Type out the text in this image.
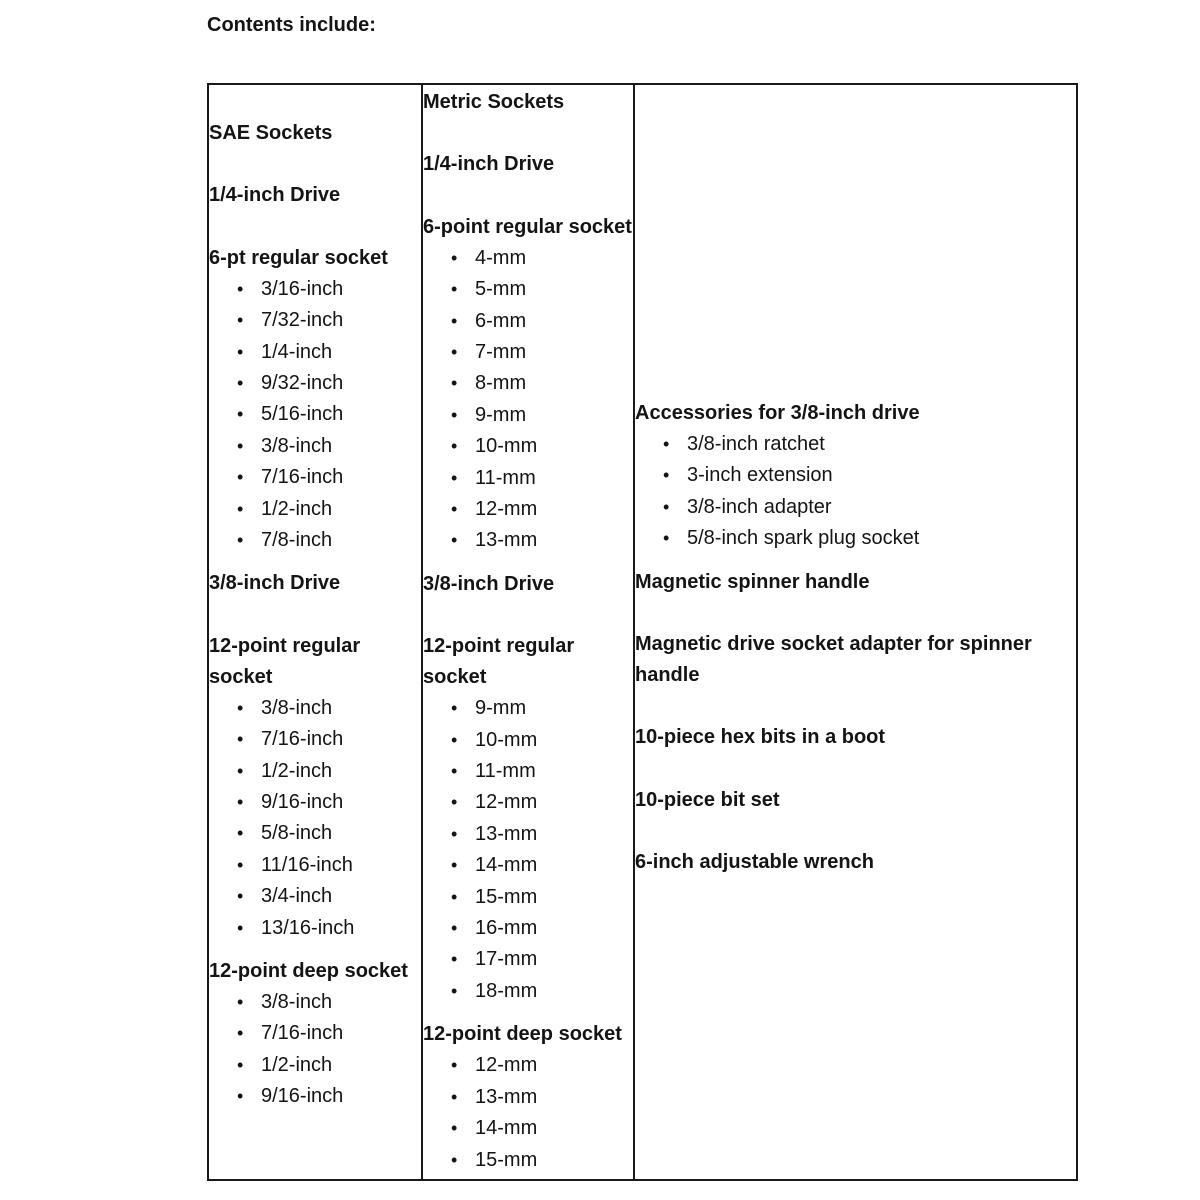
Contents include:

SAE Sockets

1/4-inch Drive

6-pt regular socket

• 3/16-inch
• 7/32-inch
• 1/4-inch
• 9/32-inch
• 5/16-inch
• 3/8-inch
• 7/16-inch
• 1/2-inch
• 7/8-inch

3/8-inch Drive

12-point regular
socket

• 3/8-inch
• 7/16-inch
• 1/2-inch
• 9/16-inch
• 5/8-inch
• 11/16-inch
• 3/4-inch
• 13/16-inch

12-point deep socket

• 3/8-inch
• 7/16-inch
• 1/2-inch
• 9/16-inch

Metric Sockets

1/4-inch Drive

6-point regular socket

• 4-mm
• 5-mm
• 6-mm
• 7-mm
• 8-mm
• 9-mm
• 10-mm
• 11-mm
• 12-mm
• 13-mm

3/8-inch Drive

12-point regular
socket

• 9-mm
• 10-mm
• 11-mm
• 12-mm
• 13-mm
• 14-mm
• 15-mm
• 16-mm
• 17-mm
• 18-mm

12-point deep socket

• 12-mm
• 13-mm
• 14-mm
• 15-mm

Accessories for 3/8-inch drive

• 3/8-inch ratchet
• 3-inch extension
• 3/8-inch adapter
• 5/8-inch spark plug socket

Magnetic spinner handle

Magnetic drive socket adapter for spinner
handle

10-piece hex bits in a boot

10-piece bit set

6-inch adjustable wrench
